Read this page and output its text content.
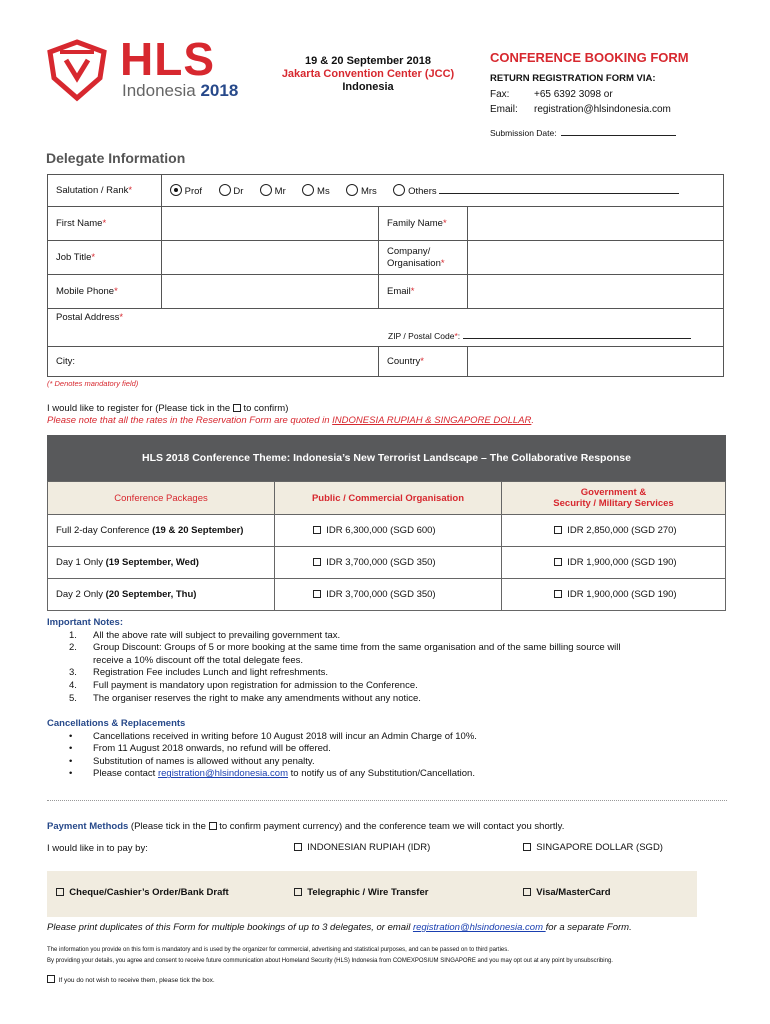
HLS
Indonesia 2018
19 & 20 September 2018
Jakarta Convention Center (JCC)
Indonesia
CONFERENCE BOOKING FORM
RETURN REGISTRATION FORM VIA:
Fax: +65 6392 3098 or
Email: registration@hlsindonesia.com
Submission Date:
Delegate Information
Salutation / Rank*	Prof Dr Mr Ms Mrs Others		
First Name*		Family Name*	
Job Title*		Company/
Organisation*	
Mobile Phone*		Email*	
Postal Address*
ZIP / Postal Code*:			

City:		Country*	
(* Denotes mandatory field)
I would like to register for (Please tick in the to confirm)
Please note that all the rates in the Reservation Form are quoted in INDONESIA RUPIAH & SINGAPORE DOLLAR.
HLS 2018 Conference Theme: Indonesia’s New Terrorist Landscape – The Collaborative Response
Conference Packages	Public / Commercial Organisation	Government &
Security / Military Services
Full 2-day Conference (19 & 20 September)	IDR 6,300,000 (SGD 600)	IDR 2,850,000 (SGD 270)
Day 1 Only (19 September, Wed)	IDR 3,700,000 (SGD 350)	IDR 1,900,000 (SGD 190)
Day 2 Only (20 September, Thu)	IDR 3,700,000 (SGD 350)	IDR 1,900,000 (SGD 190)
Important Notes:
1.	All the above rate will subject to prevailing government tax.
2.	Group Discount: Groups of 5 or more booking at the same time from the same organisation and of the same billing source will
receive a 10% discount off the total delegate fees.
3.	Registration Fee includes Lunch and light refreshments.
4.	Full payment is mandatory upon registration for admission to the Conference.
5.	The organiser reserves the right to make any amendments without any notice.
Cancellations & Replacements
•	Cancellations received in writing before 10 August 2018 will incur an Admin Charge of 10%.
•	From 11 August 2018 onwards, no refund will be offered.
•	Substitution of names is allowed without any penalty.
•	Please contact registration@hlsindonesia.com to notify us of any Substitution/Cancellation.
Payment Methods (Please tick in the to confirm payment currency) and the conference team we will contact you shortly.
I would like in to pay by:	INDONESIAN RUPIAH (IDR)	SINGAPORE DOLLAR (SGD)
Cheque/Cashier’s Order/Bank Draft	Telegraphic / Wire Transfer	Visa/MasterCard
Please print duplicates of this Form for multiple bookings of up to 3 delegates, or email registration@hlsindonesia.com for a separate Form.
The information you provide on this form is mandatory and is used by the organizer for commercial, advertising and statistical purposes, and can be passed on to third parties.
By providing your details, you agree and consent to receive future communication about Homeland Security (HLS) Indonesia from COMEXPOSIUM SINGAPORE and you may opt out at any point by unsubscribing.
If you do not wish to receive them, please tick the box.
